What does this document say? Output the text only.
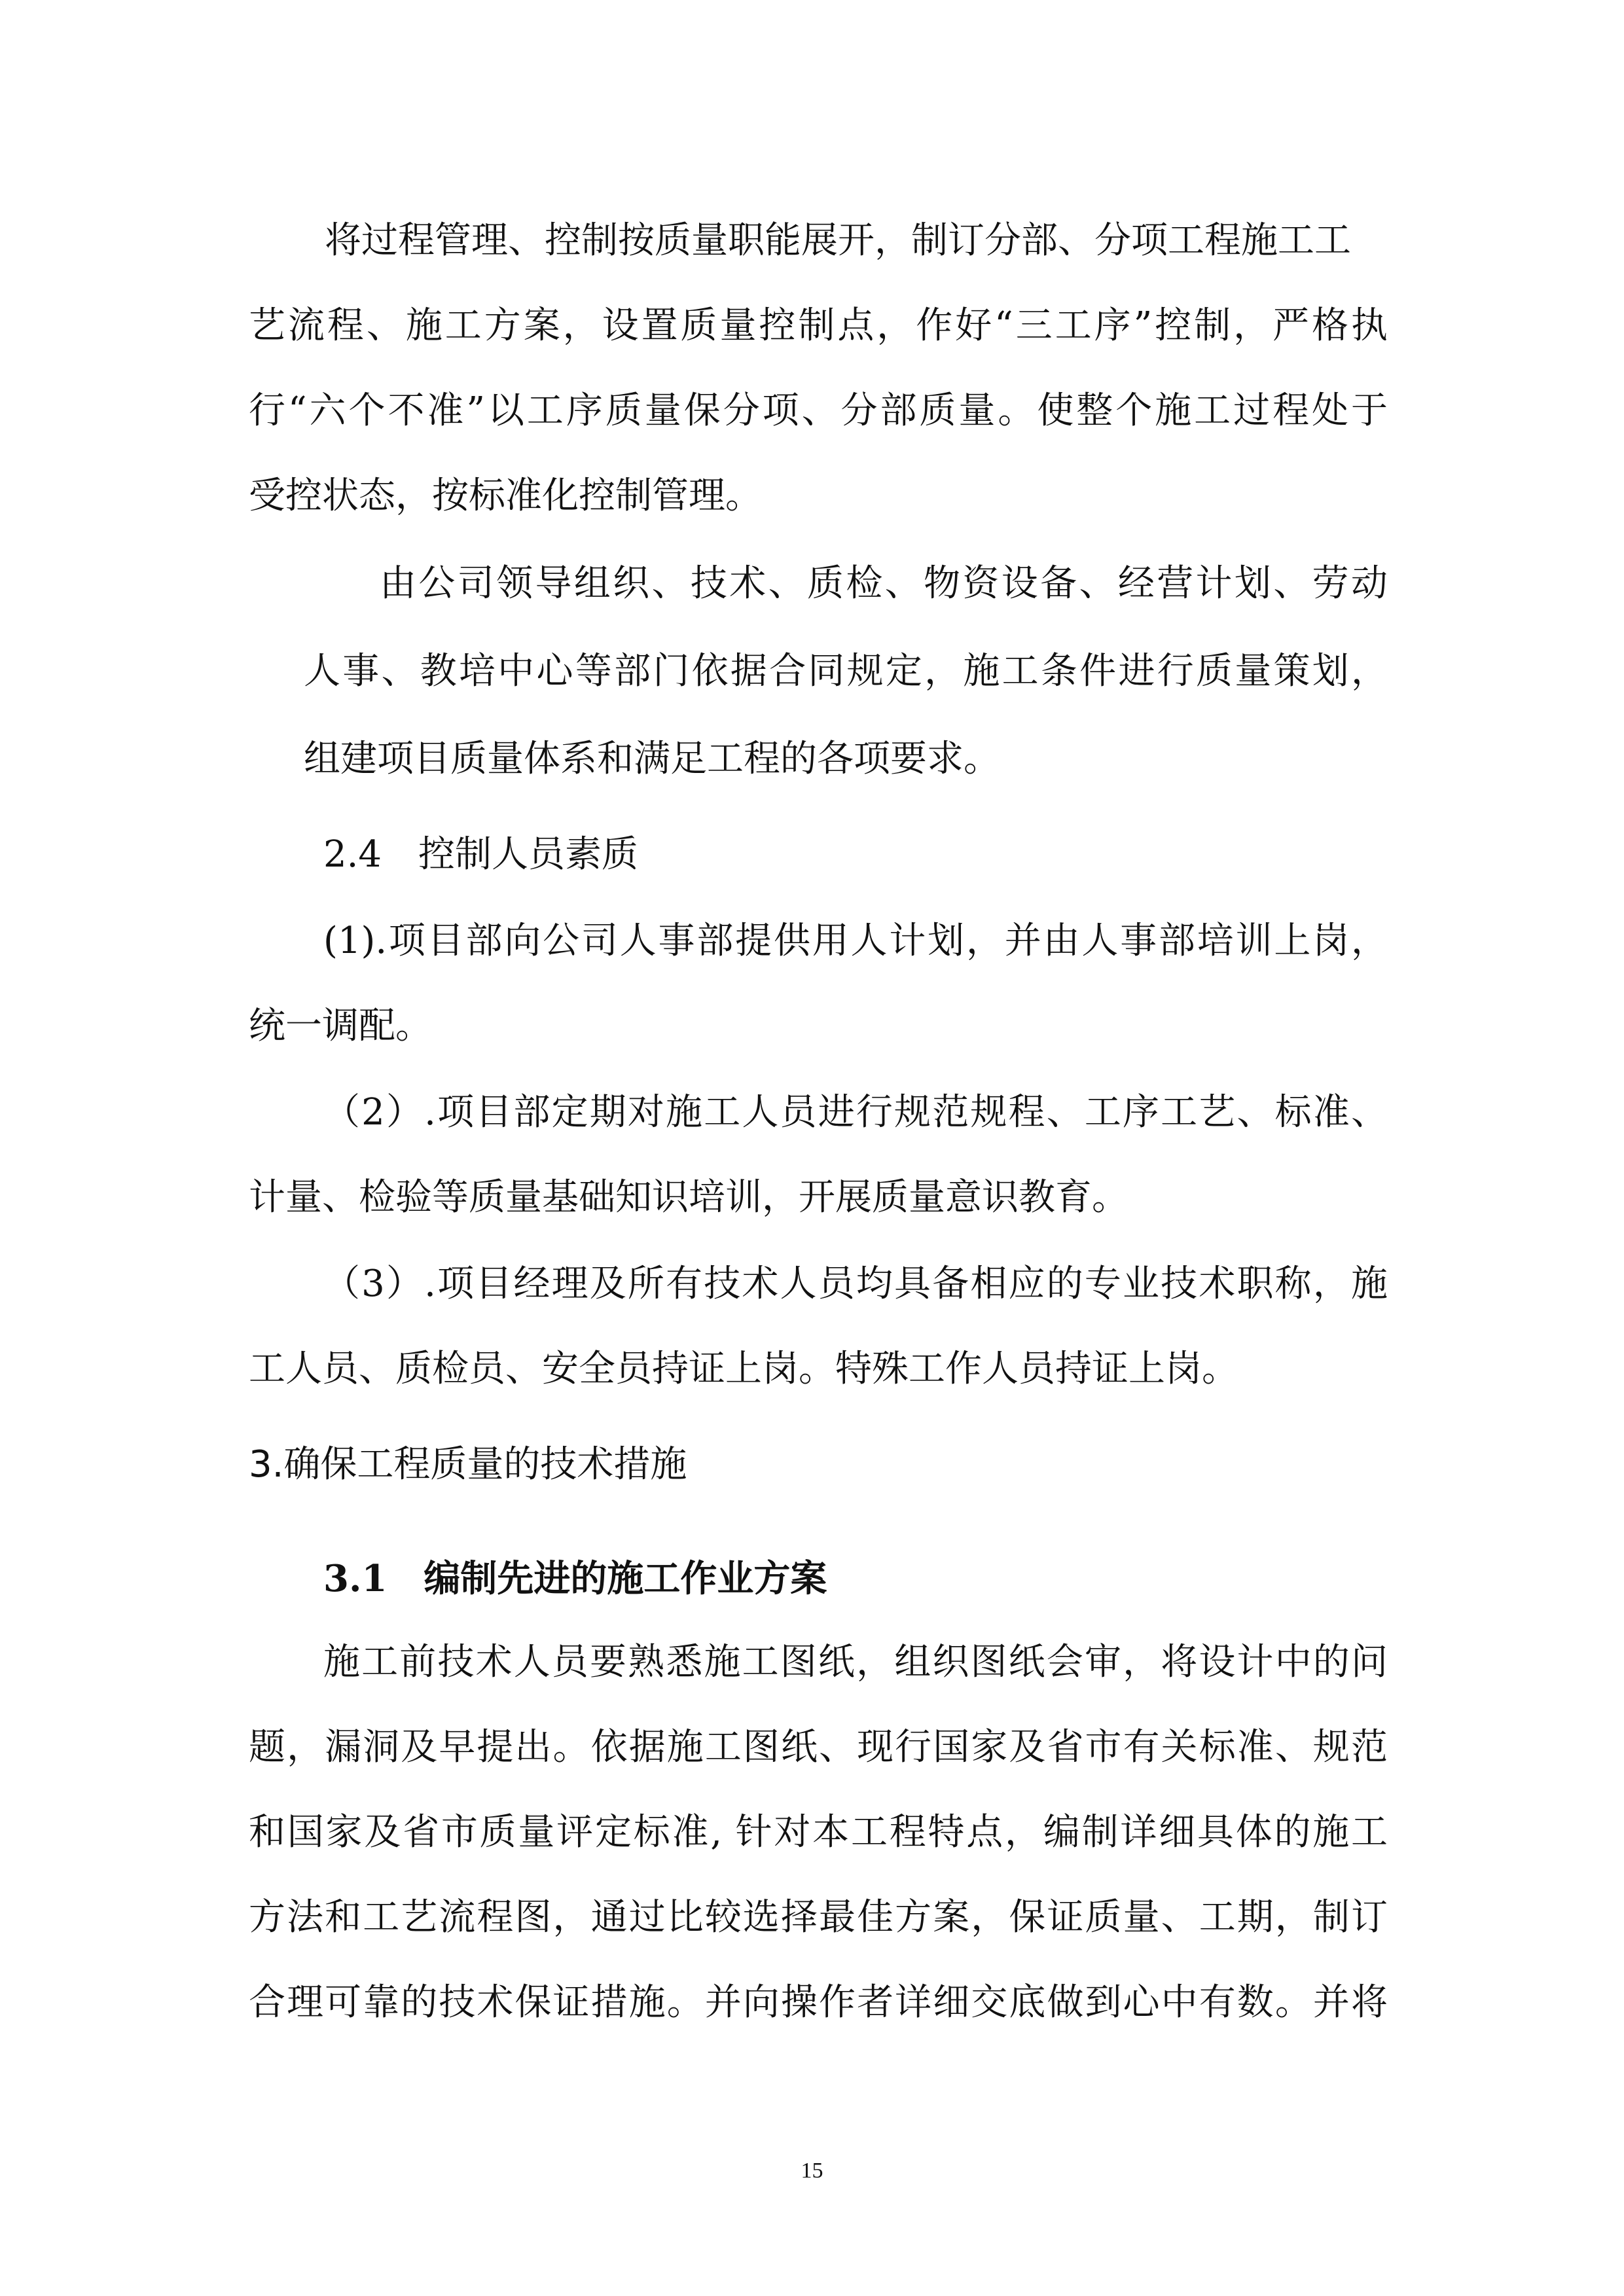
将过程管理、控制按质量职能展开，制订分部、分项工程施工工

艺流程、施工方案，设置质量控制点，作好“三工序”控制，严格执

行“六个不准”以工序质量保分项、分部质量。使整个施工过程处于

受控状态，按标准化控制管理。

由公司领导组织、技术、质检、物资设备、经营计划、劳动

人事、教培中心等部门依据合同规定，施工条件进行质量策划，

组建项目质量体系和满足工程的各项要求。

2.4　控制人员素质

(1).项目部向公司人事部提供用人计划，并由人事部培训上岗，

统一调配。

（2）.项目部定期对施工人员进行规范规程、工序工艺、标准、

计量、检验等质量基础知识培训，开展质量意识教育。

（3）.项目经理及所有技术人员均具备相应的专业技术职称，施

工人员、质检员、安全员持证上岗。特殊工作人员持证上岗。

3.确保工程质量的技术措施
3.1　编制先进的施工作业方案

施工前技术人员要熟悉施工图纸，组织图纸会审，将设计中的问

题，漏洞及早提出。依据施工图纸、现行国家及省市有关标准、规范

和国家及省市质量评定标准, 针对本工程特点，编制详细具体的施工

方法和工艺流程图，通过比较选择最佳方案，保证质量、工期，制订

合理可靠的技术保证措施。并向操作者详细交底做到心中有数。并将

15
